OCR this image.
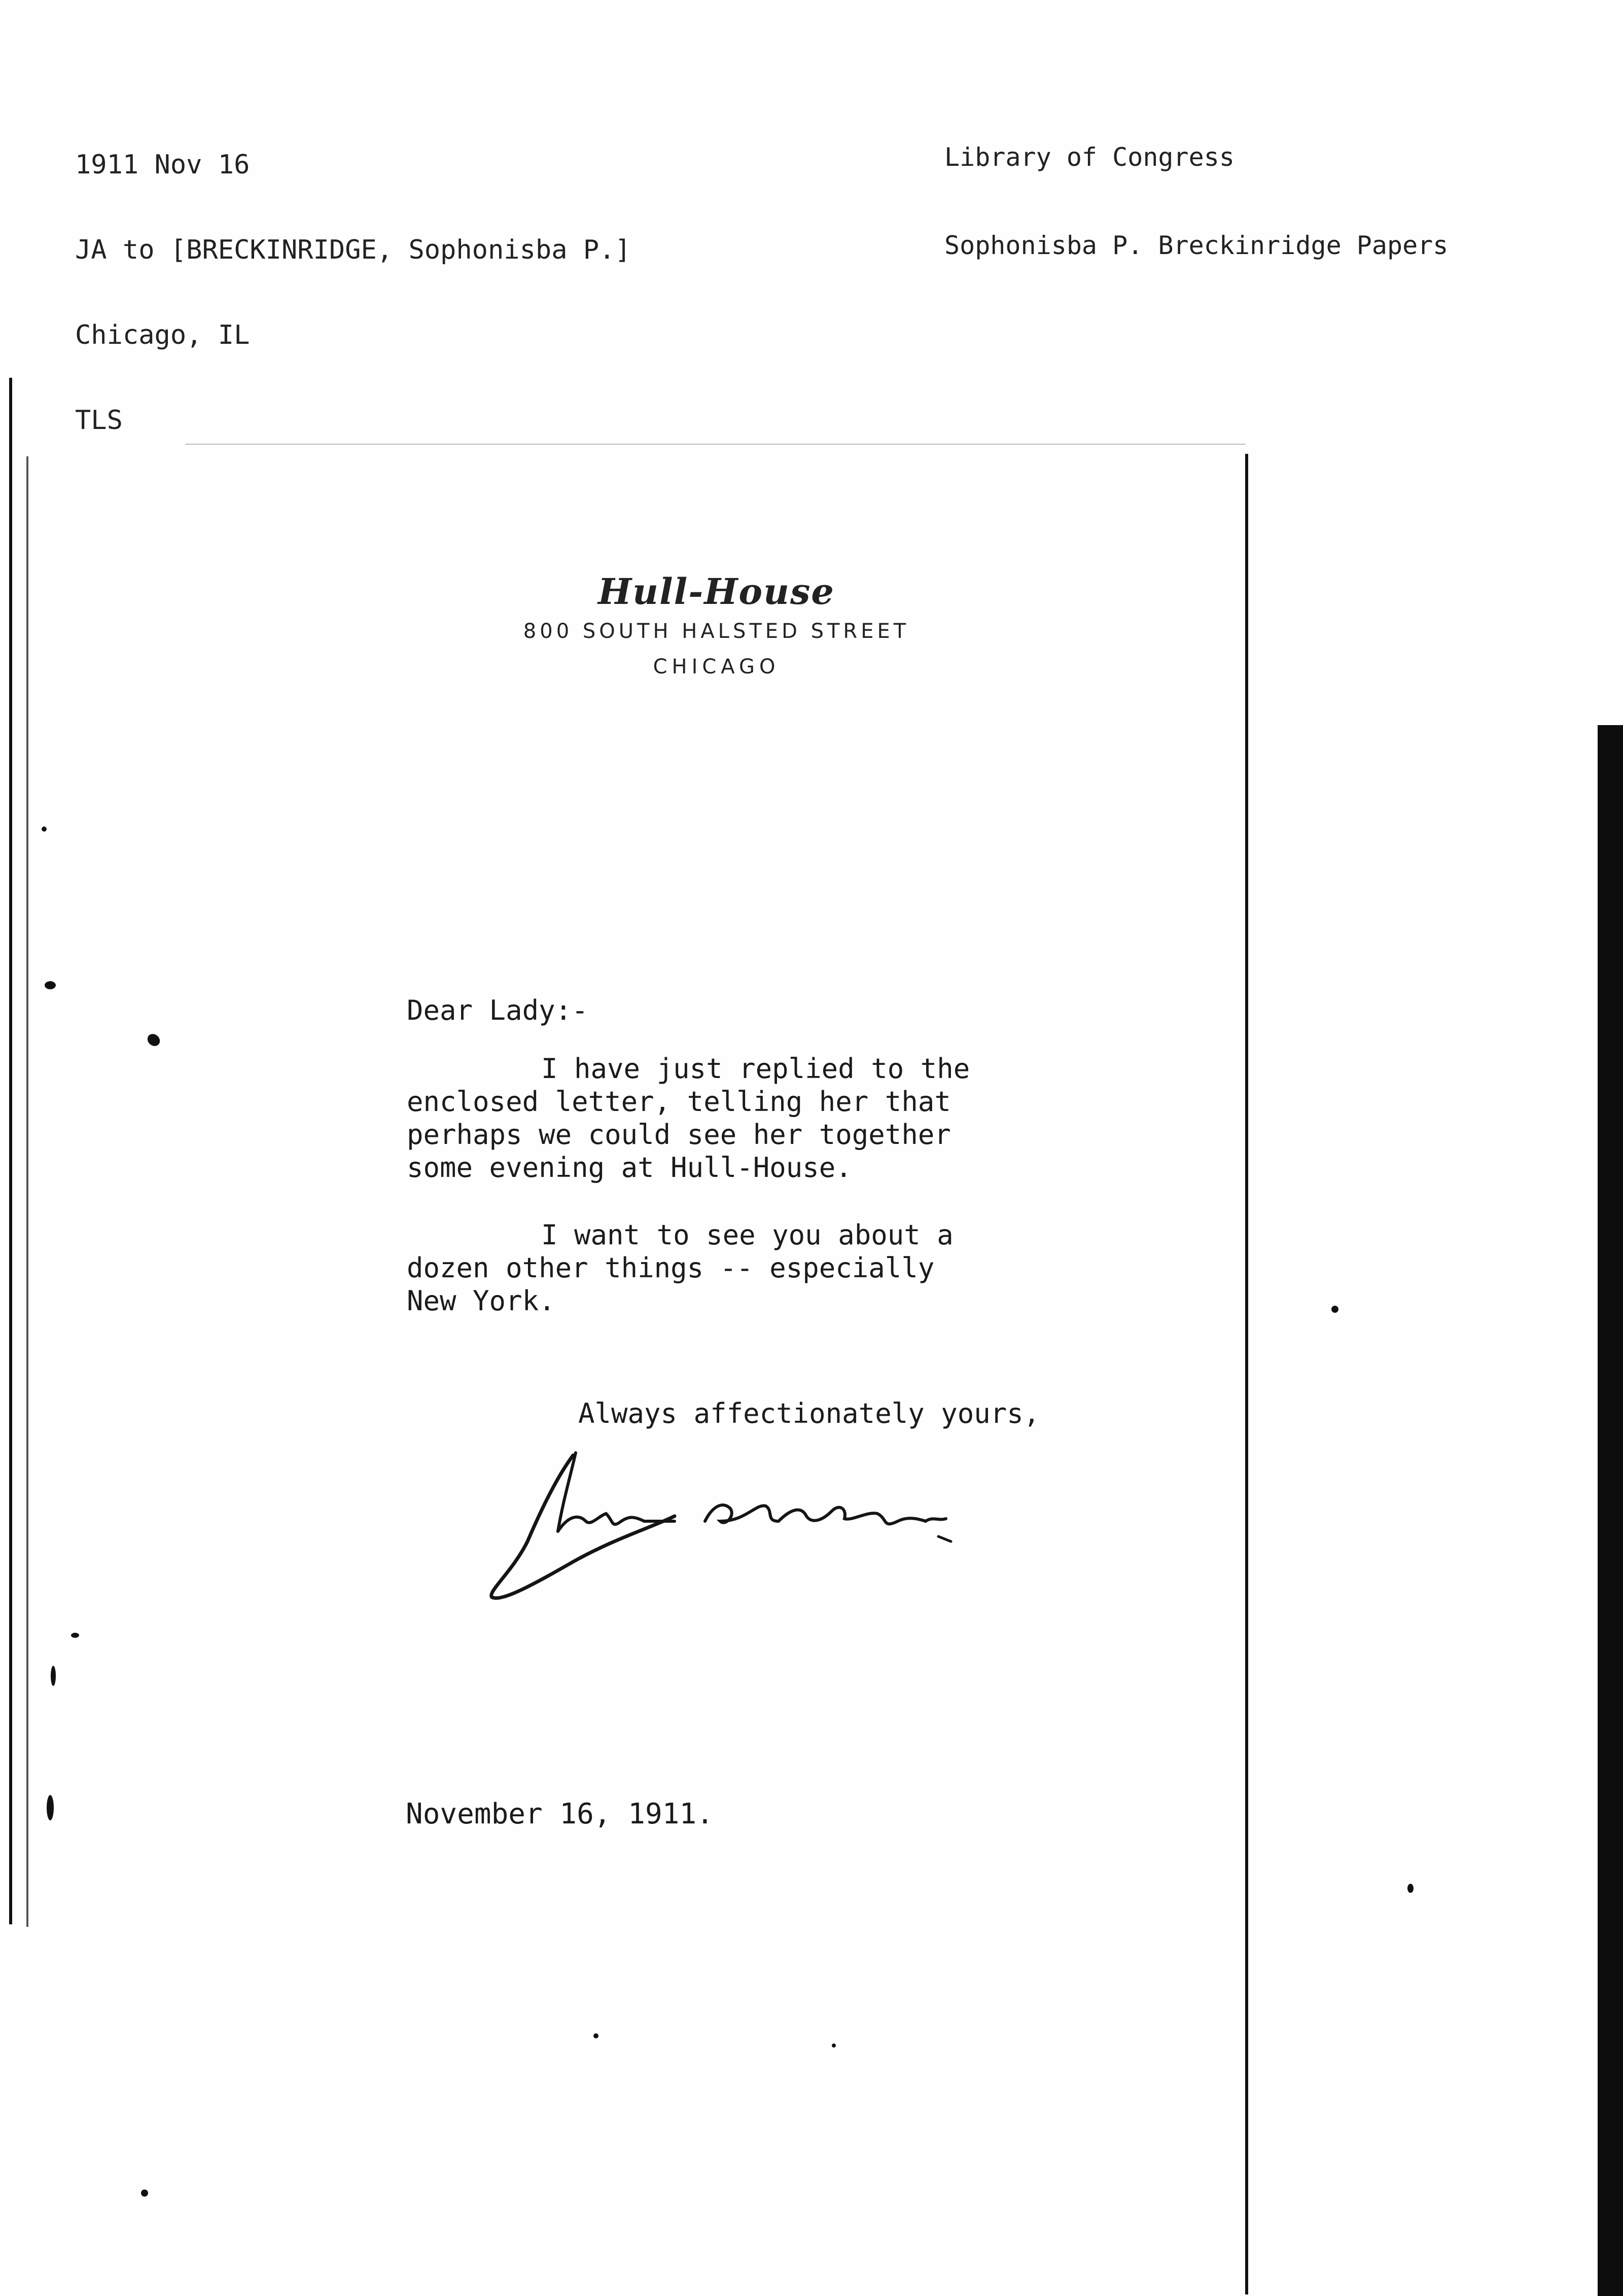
1911 Nov 16

JA to [BRECKINRIDGE, Sophonisba P.]

Chicago, IL

TLS

Library of Congress

Sophonisba P. Breckinridge Papers

Hull-House
800 SOUTH HALSTED STREET
CHICAGO
Dear Lady:-
I have just replied to the
enclosed letter, telling her that
perhaps we could see her together
some evening at Hull-House.
I want to see you about a
dozen other things -- especially
New York.
Always affectionately yours,
November 16, 1911.
